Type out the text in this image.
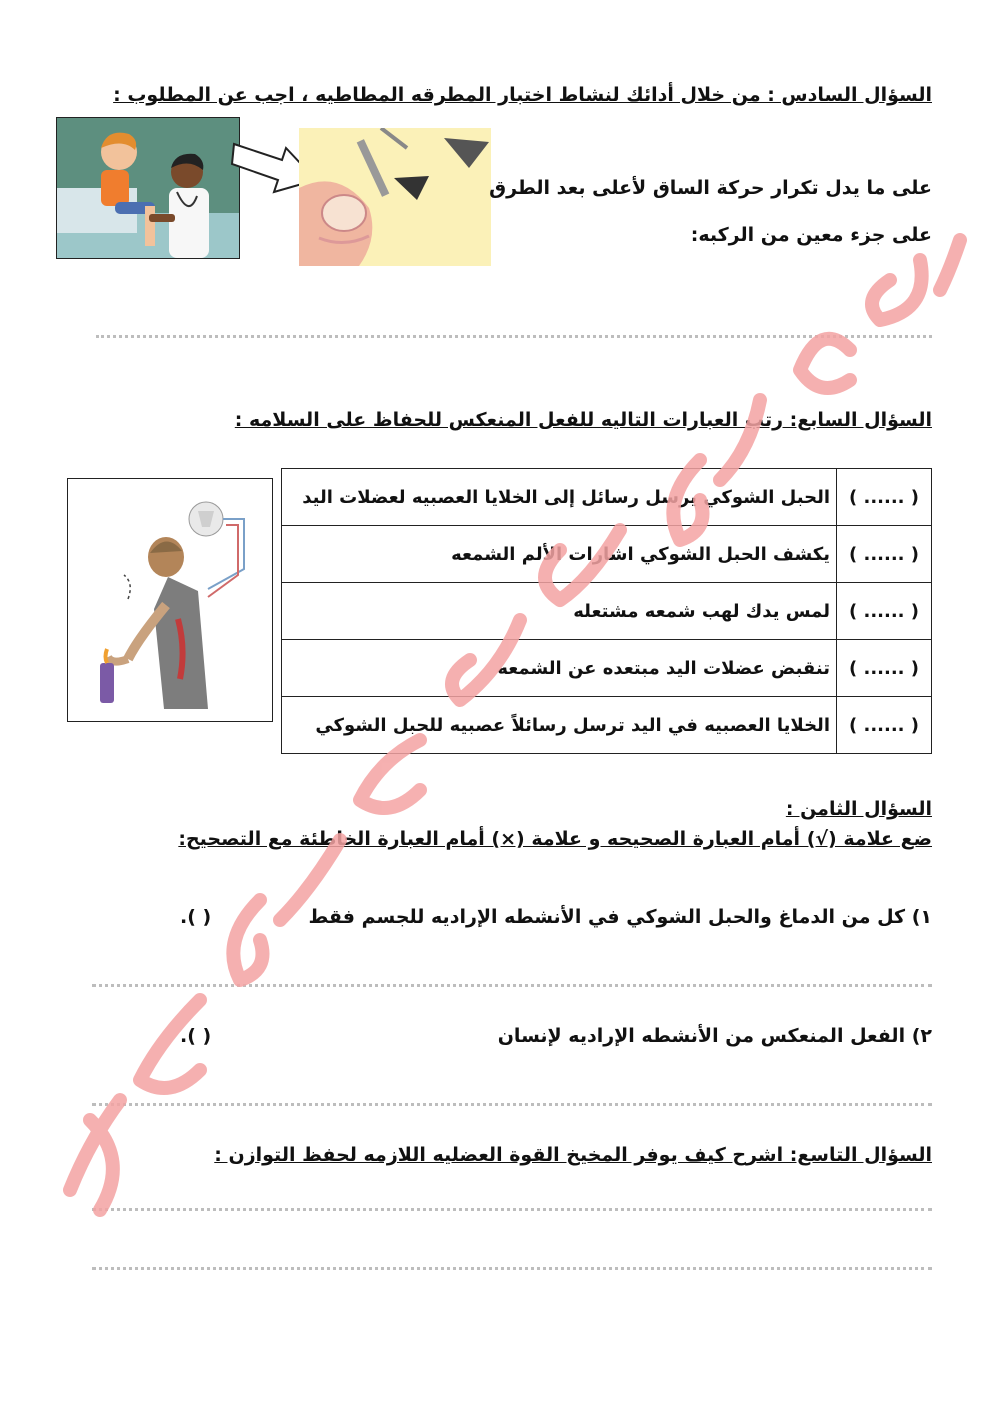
السؤال السادس : من خلال أدائك لنشاط اختبار المطرقه المطاطيه ، اجب عن المطلوب :
على ما يدل تكرار حركة الساق لأعلى بعد الطرق
على جزء معين من الركبه:
السؤال السابع: رتب العبارات التاليه للفعل المنعكس للحفاظ على السلامه :
( ...... )	الحبل الشوكي يرسل رسائل إلى الخلايا العصبيه لعضلات اليد
( ...... )	يكشف الحبل الشوكي اشارات الألم الشمعه
( ...... )	لمس يدك لهب شمعه مشتعله
( ...... )	تنقبض عضلات اليد مبتعده عن الشمعه
( ...... )	الخلايا العصبيه في اليد ترسل رسائلاً عصبيه للحبل الشوكي
السؤال الثامن :
ضع علامة (√) أمام العبارة الصحيحه و علامة (×) أمام العبارة الخاطئة مع التصحيح:
١) كل من الدماغ والحبل الشوكي في الأنشطه الإراديه للجسم فقط
( ).
٢) الفعل المنعكس من الأنشطه الإراديه لإنسان
( ).
السؤال التاسع: اشرح كيف يوفر المخيخ القوة العضليه اللازمه لحفظ التوازن :
